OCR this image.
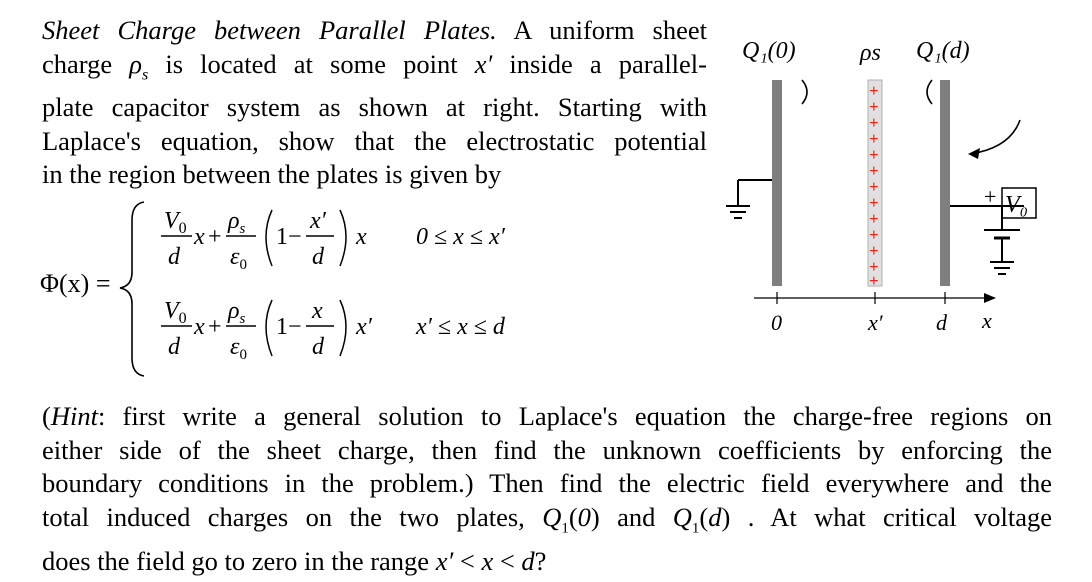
Sheet Charge between Parallel Plates. A uniform sheet
charge $\rho_s$ is located at some point x′ inside a parallel-
plate capacitor system as shown at right. Starting with
Laplace's equation, show that the electrostatic potential
in the region between the plates is given by
Φ(x) =
$V_0$
d
x +
$\rho_s$
$\varepsilon_0$
1−
x′
d
x 0 ≤ x ≤ x′
$V_0$
d
x +
$\rho_s$
$\varepsilon_0$
1−
x
d
x′ x′ ≤ x ≤ d
Q₁(0)	ρs Q₁(d)
+
+
+
+
+
+
+
+
+
+
+
+
+
+ V₀
0	x′ d x
(Hint: first write a general solution to Laplace's equation the charge-free regions on
either side of the sheet charge, then find the unknown coefficients by enforcing the
boundary conditions in the problem.) Then find the electric field everywhere and the
total induced charges on the two plates, $Q_1(0)$ and $Q_1(d)$ . At what critical voltage
does the field go to zero in the range x′ < x < d?
